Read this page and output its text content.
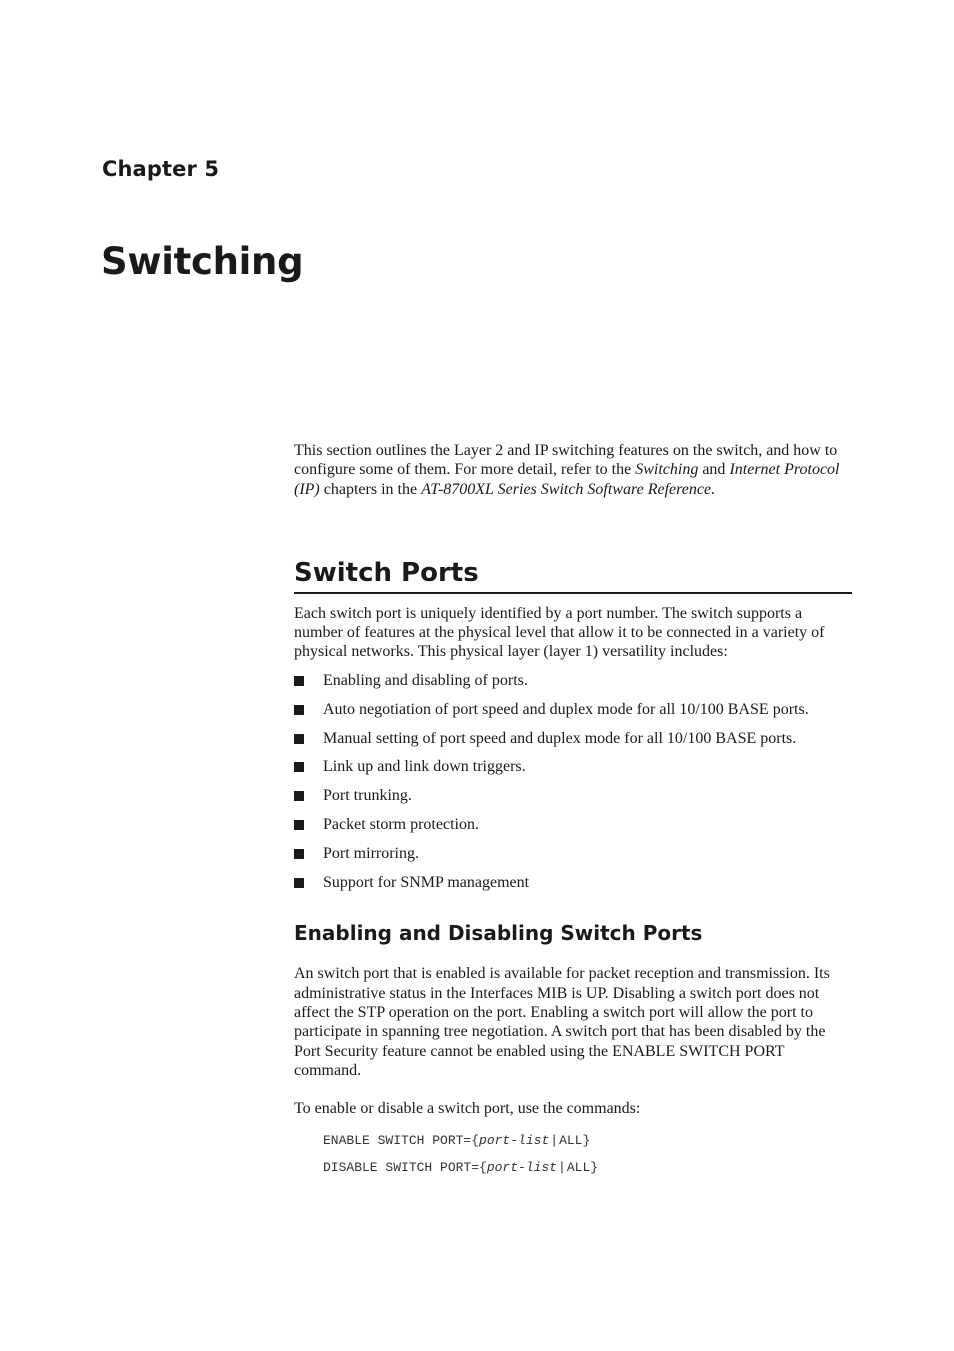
Chapter 5
Switching

This section outlines the Layer 2 and IP switching features on the switch, and how to configure some of them. For more detail, refer to the Switching and Internet Protocol (IP) chapters in the AT-8700XL Series Switch Software Reference.

Switch Ports

Each switch port is uniquely identified by a port number. The switch supports a number of features at the physical level that allow it to be connected in a variety of physical networks. This physical layer (layer 1) versatility includes:

Enabling and disabling of ports.
Auto negotiation of port speed and duplex mode for all 10/100 BASE ports.
Manual setting of port speed and duplex mode for all 10/100 BASE ports.
Link up and link down triggers.
Port trunking.
Packet storm protection.
Port mirroring.
Support for SNMP management
Enabling and Disabling Switch Ports

An switch port that is enabled is available for packet reception and transmission. Its administrative status in the Interfaces MIB is UP. Disabling a switch port does not affect the STP operation on the port. Enabling a switch port will allow the port to participate in spanning tree negotiation. A switch port that has been disabled by the Port Security feature cannot be enabled using the ENABLE SWITCH PORT command.

To enable or disable a switch port, use the commands:

ENABLE SWITCH PORT={port-list|ALL}
DISABLE SWITCH PORT={port-list|ALL}
